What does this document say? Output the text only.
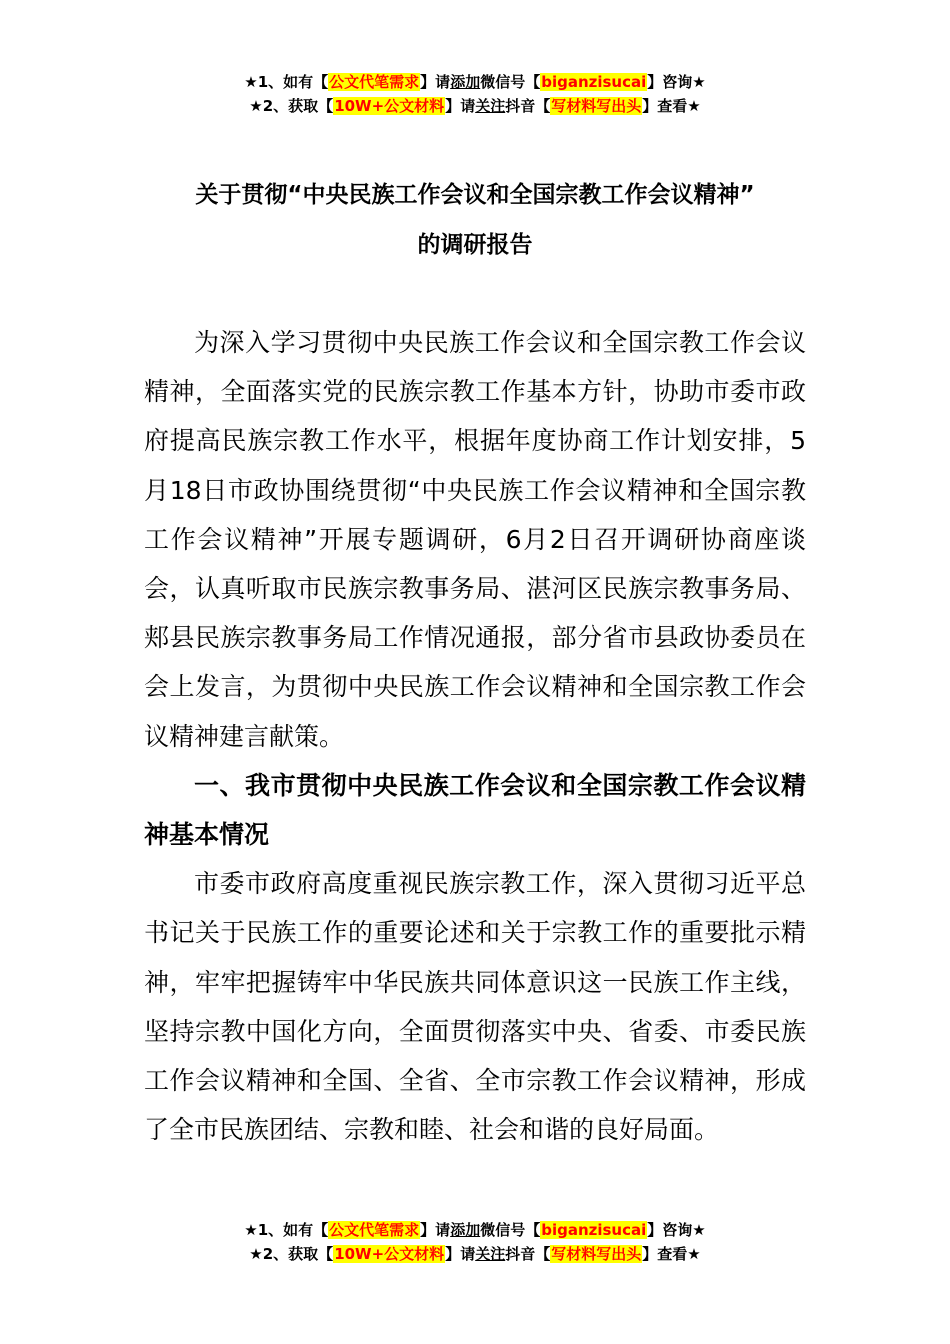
★1、如有【公文代笔需求】请添加微信号【biganzisucai】咨询★
★2、获取【10W+公文材料】请关注抖音【写材料写出头】查看★
关于贯彻“中央民族工作会议和全国宗教工作会议精神”
的调研报告

为深入学习贯彻中央民族工作会议和全国宗教工作会议精神，全面落实党的民族宗教工作基本方针，协助市委市政府提高民族宗教工作水平，根据年度协商工作计划安排，5月18日市政协围绕贯彻“中央民族工作会议精神和全国宗教工作会议精神”开展专题调研，6月2日召开调研协商座谈会，认真听取市民族宗教事务局、湛河区民族宗教事务局、郏县民族宗教事务局工作情况通报，部分省市县政协委员在会上发言，为贯彻中央民族工作会议精神和全国宗教工作会议精神建言献策。

一、我市贯彻中央民族工作会议和全国宗教工作会议精神基本情况

市委市政府高度重视民族宗教工作，深入贯彻习近平总书记关于民族工作的重要论述和关于宗教工作的重要批示精神，牢牢把握铸牢中华民族共同体意识这一民族工作主线，坚持宗教中国化方向，全面贯彻落实中央、省委、市委民族工作会议精神和全国、全省、全市宗教工作会议精神，形成了全市民族团结、宗教和睦、社会和谐的良好局面。

★1、如有【公文代笔需求】请添加微信号【biganzisucai】咨询★
★2、获取【10W+公文材料】请关注抖音【写材料写出头】查看★
